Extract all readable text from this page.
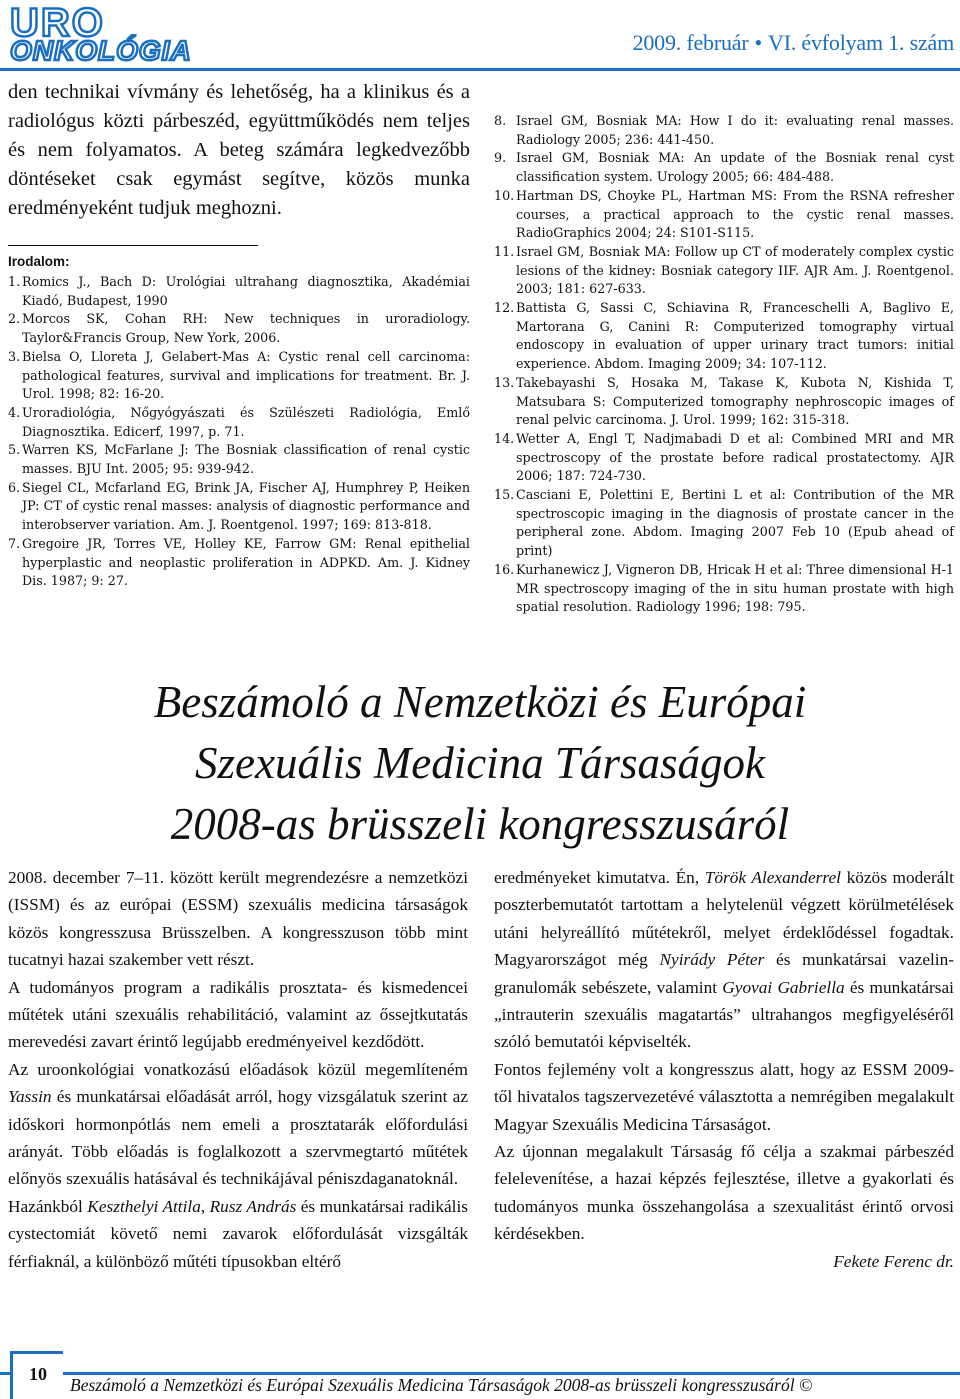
URO
ONKOLÓGIA	2009. február • VI. évfolyam 1. szám

den technikai vívmány és lehetőség, ha a klinikus és a radiológus közti párbeszéd, együttműködés nem teljes és nem folyamatos. A beteg számára legkedvezőbb döntéseket csak egymást segítve, közös munka eredményeként tudjuk meghozni.

Irodalom:
1. Romics J., Bach D: Urológiai ultrahang diagnosztika, Akadémiai Kiadó, Budapest, 1990
2. Morcos SK, Cohan RH: New techniques in uroradiology. Taylor&Francis Group, New York, 2006.
3. Bielsa O, Lloreta J, Gelabert-Mas A: Cystic renal cell carcinoma: pathological features, survival and implications for treatment. Br. J. Urol. 1998; 82: 16-20.
4. Uroradiológia, Nőgyógyászati és Szülészeti Radiológia, Emlő Diagnosztika. Edicerf, 1997, p. 71.
5. Warren KS, McFarlane J: The Bosniak classification of renal cystic masses. BJU Int. 2005; 95: 939-942.
6. Siegel CL, Mcfarland EG, Brink JA, Fischer AJ, Humphrey P, Heiken JP: CT of cystic renal masses: analysis of diagnostic performance and interobserver variation. Am. J. Roentgenol. 1997; 169: 813-818.
7. Gregoire JR, Torres VE, Holley KE, Farrow GM: Renal epithelial hyperplastic and neoplastic proliferation in ADPKD. Am. J. Kidney Dis. 1987; 9: 27.
8. Israel GM, Bosniak MA: How I do it: evaluating renal masses. Radiology 2005; 236: 441-450.
9. Israel GM, Bosniak MA: An update of the Bosniak renal cyst classification system. Urology 2005; 66: 484-488.
10. Hartman DS, Choyke PL, Hartman MS: From the RSNA refresher courses, a practical approach to the cystic renal masses. RadioGraphics 2004; 24: S101-S115.
11. Israel GM, Bosniak MA: Follow up CT of moderately complex cystic lesions of the kidney: Bosniak category IIF. AJR Am. J. Roentgenol. 2003; 181: 627-633.
12. Battista G, Sassi C, Schiavina R, Franceschelli A, Baglivo E, Martorana G, Canini R: Computerized tomography virtual endoscopy in evaluation of upper urinary tract tumors: initial experience. Abdom. Imaging 2009; 34: 107-112.
13. Takebayashi S, Hosaka M, Takase K, Kubota N, Kishida T, Matsubara S: Computerized tomography nephroscopic images of renal pelvic carcinoma. J. Urol. 1999; 162: 315-318.
14. Wetter A, Engl T, Nadjmabadi D et al: Combined MRI and MR spectroscopy of the prostate before radical prostatectomy. AJR 2006; 187: 724-730.
15. Casciani E, Polettini E, Bertini L et al: Contribution of the MR spectroscopic imaging in the diagnosis of prostate cancer in the peripheral zone. Abdom. Imaging 2007 Feb 10 (Epub ahead of print)
16. Kurhanewicz J, Vigneron DB, Hricak H et al: Three dimensional H-1 MR spectroscopy imaging of the in situ human prostate with high spatial resolution. Radiology 1996; 198: 795.
Beszámoló a Nemzetközi és Európai
Szexuális Medicina Társaságok
2008-as brüsszeli kongresszusáról

2008. december 7–11. között került megrendezésre a nemzetközi (ISSM) és az európai (ESSM) szexuális medicina társaságok közös kongresszusa Brüsszelben. A kongresszuson több mint tucatnyi hazai szakember vett részt.

A tudományos program a radikális prosztata- és kismedencei műtétek utáni szexuális rehabilitáció, valamint az ősseјtkutatás merevedési zavart érintő legújabb eredményeivel kezdődött.

Az uroonkológiai vonatkozású előadások közül megemlíteném Yassin és munkatársai előadását arról, hogy vizsgálatuk szerint az időskori hormonpótlás nem emeli a prosztatarák előfordulási arányát. Több előadás is foglalkozott a szervmegtartó műtétek előnyös szexuális hatásával és technikájával péniszdaganatoknál.

Hazánkból Keszthelyi Attila, Rusz András és munkatársai radikális cystectomiát követő nemi zavarok előfordulását vizsgálták férfiaknál, a különböző műtéti típusokban eltérő

eredményeket kimutatva. Én, Török Alexanderrel közös moderált poszterbemutatót tartottam a helytelenül végzett körülmetélések utáni helyreállító műtétekről, melyet érdeklődéssel fogadtak. Magyarországot még Nyirády Péter és munkatársai vazelin-granulomák sebészete, valamint Gyovai Gabriella és munkatársai „intrauterin szexuális magatartás” ultrahangos megfigyeléséről szóló bemutatói képviselték.

Fontos fejlemény volt a kongresszus alatt, hogy az ESSM 2009-től hivatalos tagszervezetévé választotta a nemrégiben megalakult Magyar Szexuális Medicina Társaságot.

Az újonnan megalakult Társaság fő célja a szakmai párbeszéd felelevenítése, a hazai képzés fejlesztése, illetve a gyakorlati és tudományos munka összehangolása a szexualitást érintő orvosi kérdésekben.

Fekete Ferenc dr.

10
Beszámoló a Nemzetközi és Európai Szexuális Medicina Társaságok 2008-as brüsszeli kongresszusáról ©
